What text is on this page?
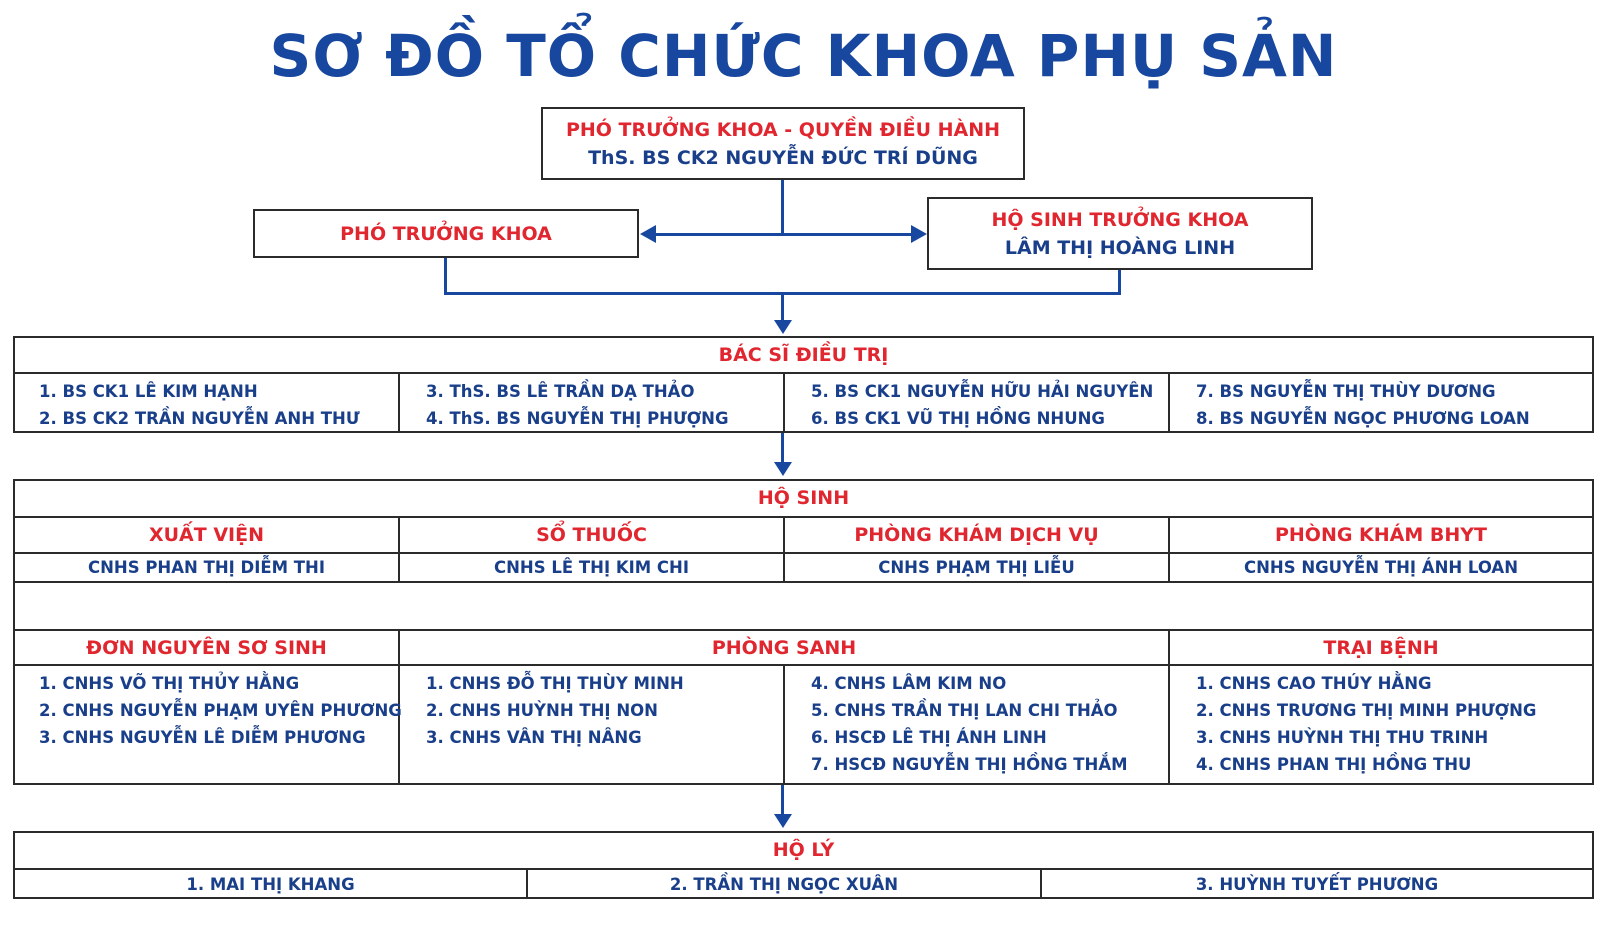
SƠ ĐỒ TỔ CHỨC KHOA PHỤ SẢN
PHÓ TRƯỞNG KHOA - QUYỀN ĐIỀU HÀNH
ThS. BS CK2 NGUYỄN ĐỨC TRÍ DŨNG
PHÓ TRƯỞNG KHOA
HỘ SINH TRƯỞNG KHOA
LÂM THỊ HOÀNG LINH
BÁC SĨ ĐIỀU TRỊ
1. BS CK1 LÊ KIM HẠNH
2. BS CK2 TRẦN NGUYỄN ANH THƯ
3. ThS. BS LÊ TRẦN DẠ THẢO
4. ThS. BS NGUYỄN THỊ PHƯỢNG
5. BS CK1 NGUYỄN HỮU HẢI NGUYÊN
6. BS CK1 VŨ THỊ HỒNG NHUNG
7. BS NGUYỄN THỊ THÙY DƯƠNG
8. BS NGUYỄN NGỌC PHƯƠNG LOAN
HỘ SINH
XUẤT VIỆN	SỔ THUỐC	PHÒNG KHÁM DỊCH VỤ	PHÒNG KHÁM BHYT
CNHS PHAN THỊ DIỄM THI	CNHS LÊ THỊ KIM CHI	CNHS PHẠM THỊ LIỄU	CNHS NGUYỄN THỊ ÁNH LOAN
ĐƠN NGUYÊN SƠ SINH	PHÒNG SANH	TRẠI BỆNH
1. CNHS VÕ THỊ THỦY HẰNG
2. CNHS NGUYỄN PHẠM UYÊN PHƯƠNG
3. CNHS NGUYỄN LÊ DIỄM PHƯƠNG
1. CNHS ĐỖ THỊ THÙY MINH
2. CNHS HUỲNH THỊ NON
3. CNHS VÂN THỊ NÂNG
4. CNHS LÂM KIM NO
5. CNHS TRẦN THỊ LAN CHI THẢO
6. HSCĐ LÊ THỊ ÁNH LINH
7. HSCĐ NGUYỄN THỊ HỒNG THẮM
1. CNHS CAO THÚY HẰNG
2. CNHS TRƯƠNG THỊ MINH PHƯỢNG
3. CNHS HUỲNH THỊ THU TRINH
4. CNHS PHAN THỊ HỒNG THU
HỘ LÝ
1. MAI THỊ KHANG	2. TRẦN THỊ NGỌC XUÂN	3. HUỲNH TUYẾT PHƯƠNG
